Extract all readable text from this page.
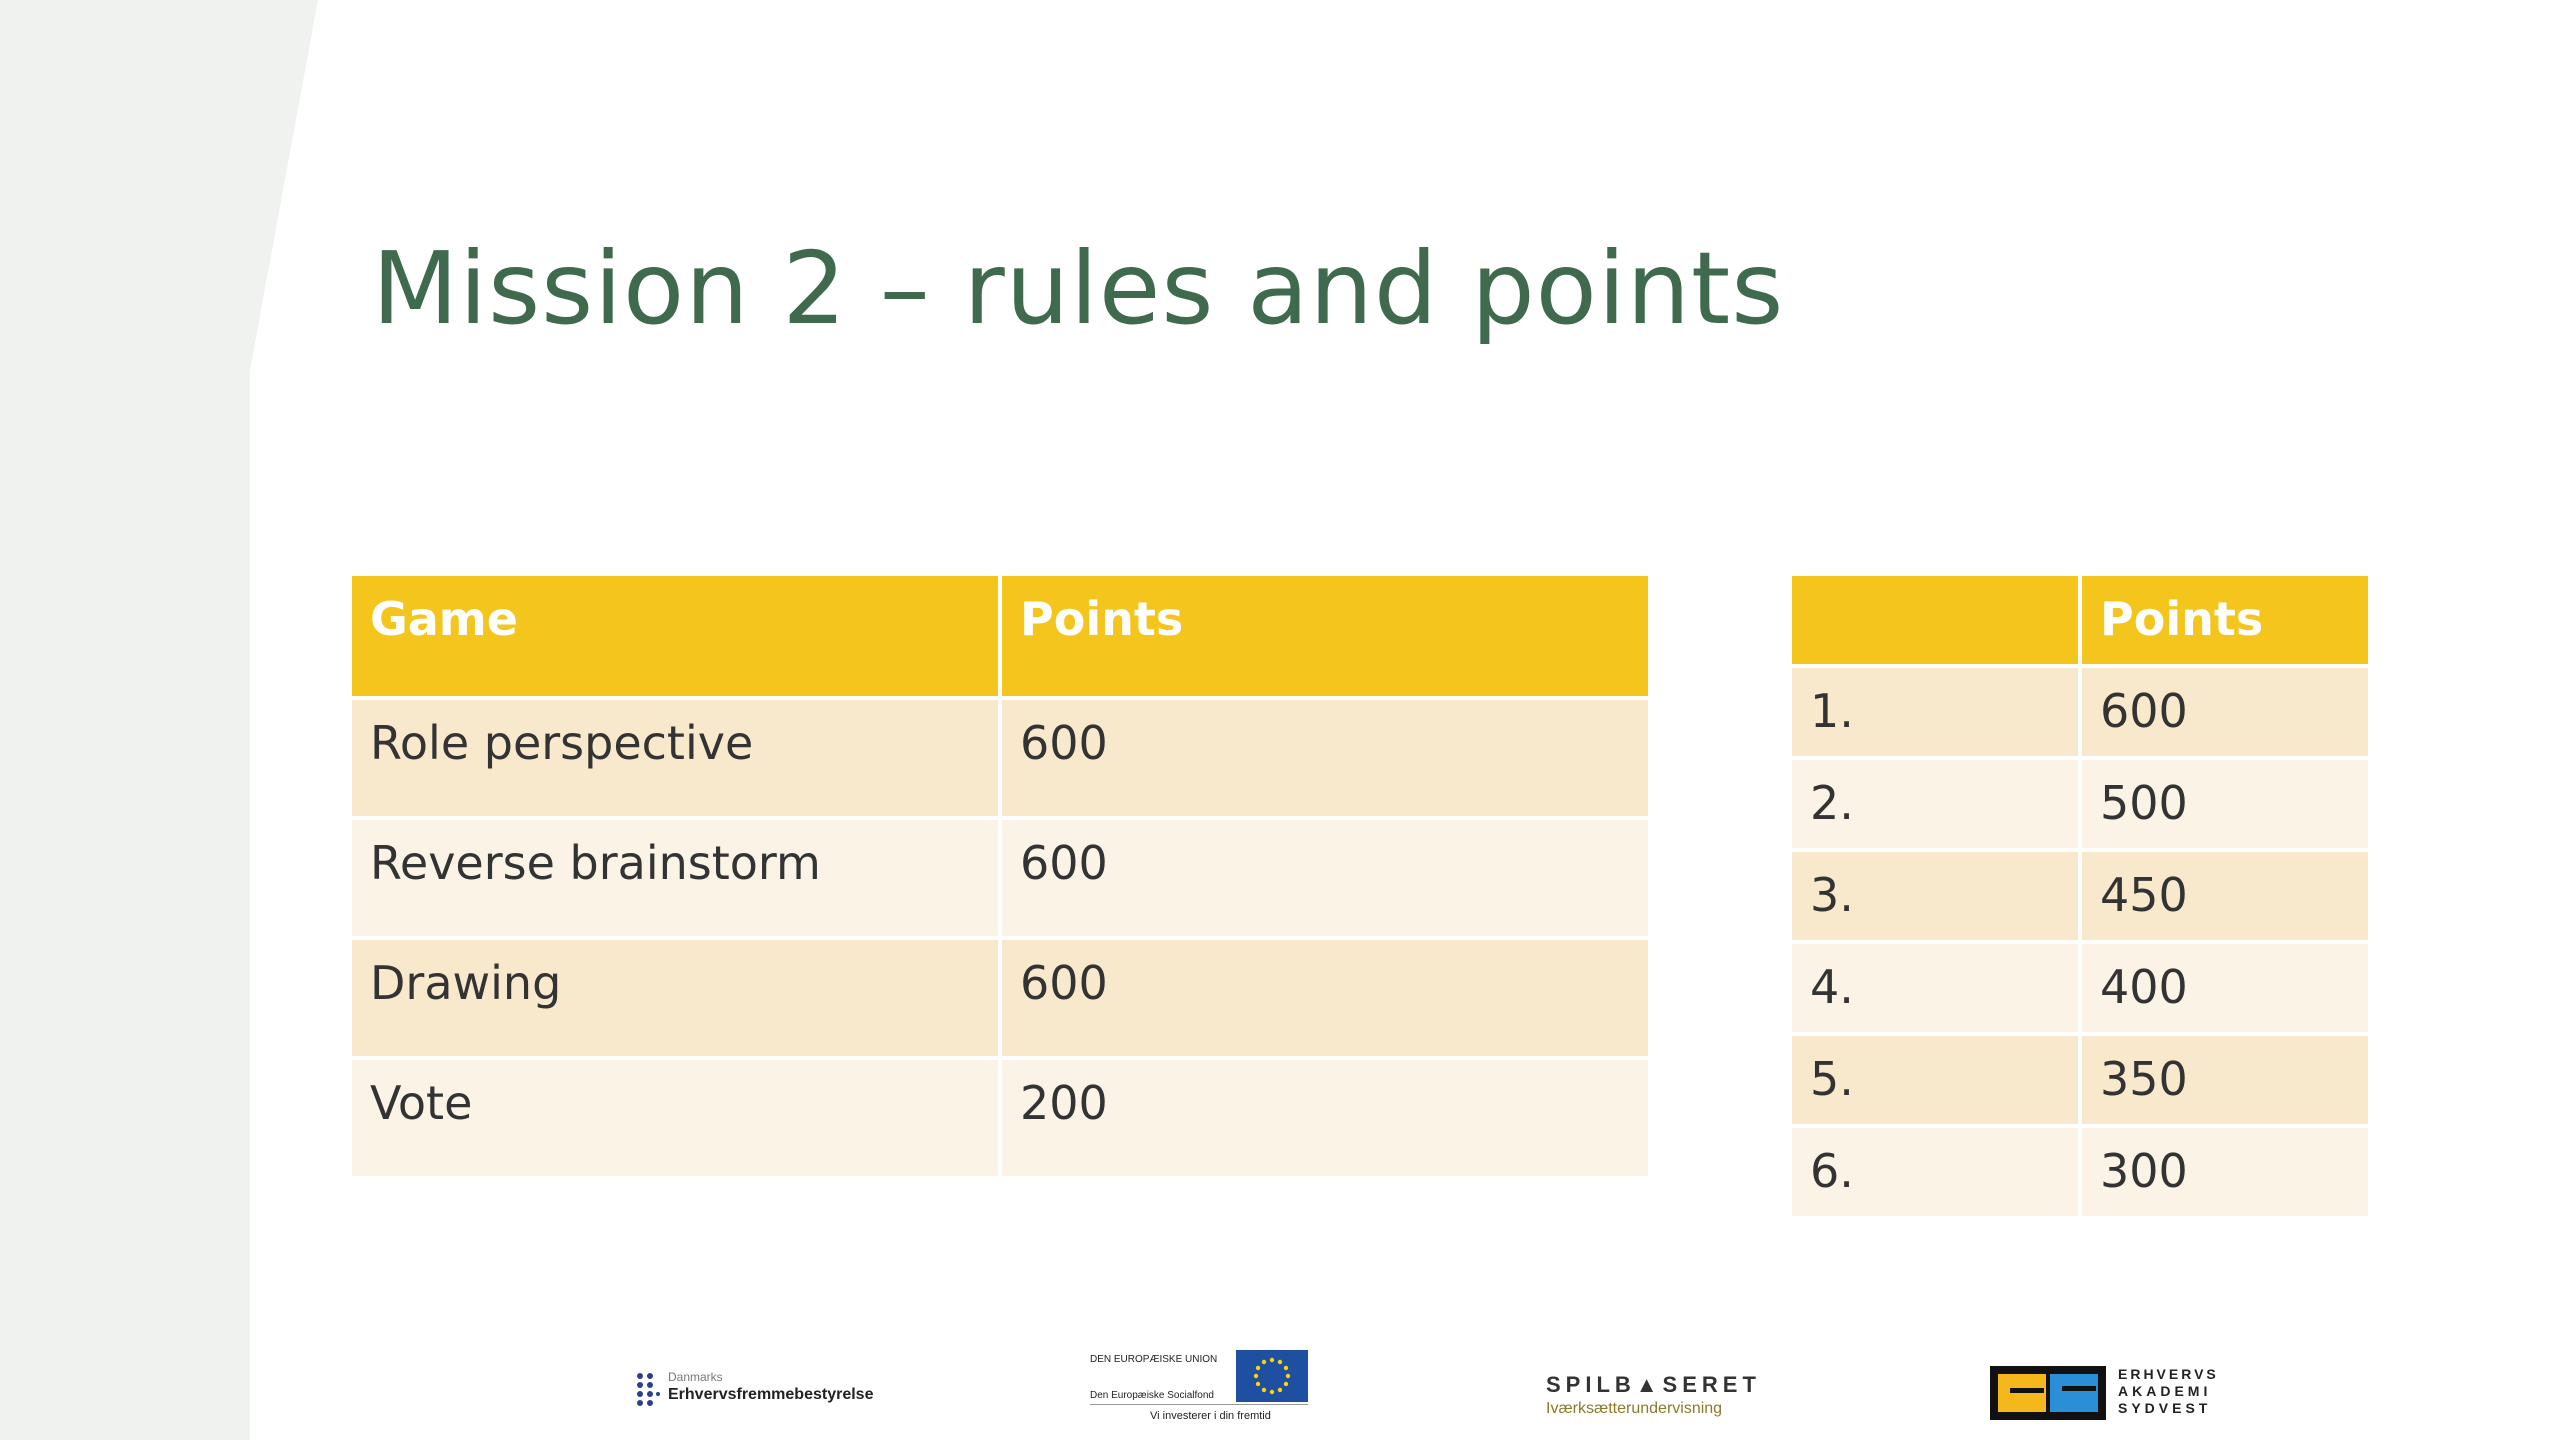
Mission 2 – rules and points
Game	Points
Role perspective	600
Reverse brainstorm	600
Drawing	600
Vote	200
	Points
1.	600
2.	500
3.	450
4.	400
5.	350
6.	300
Danmarks
Erhvervsfremmebestyrelse
DEN EUROPÆISKE UNION
Den Europæiske Socialfond
Vi investerer i din fremtid
SPILB▲SERET
Iværksætterundervisning
ERHVERVS
AKADEMI
SYDVEST
